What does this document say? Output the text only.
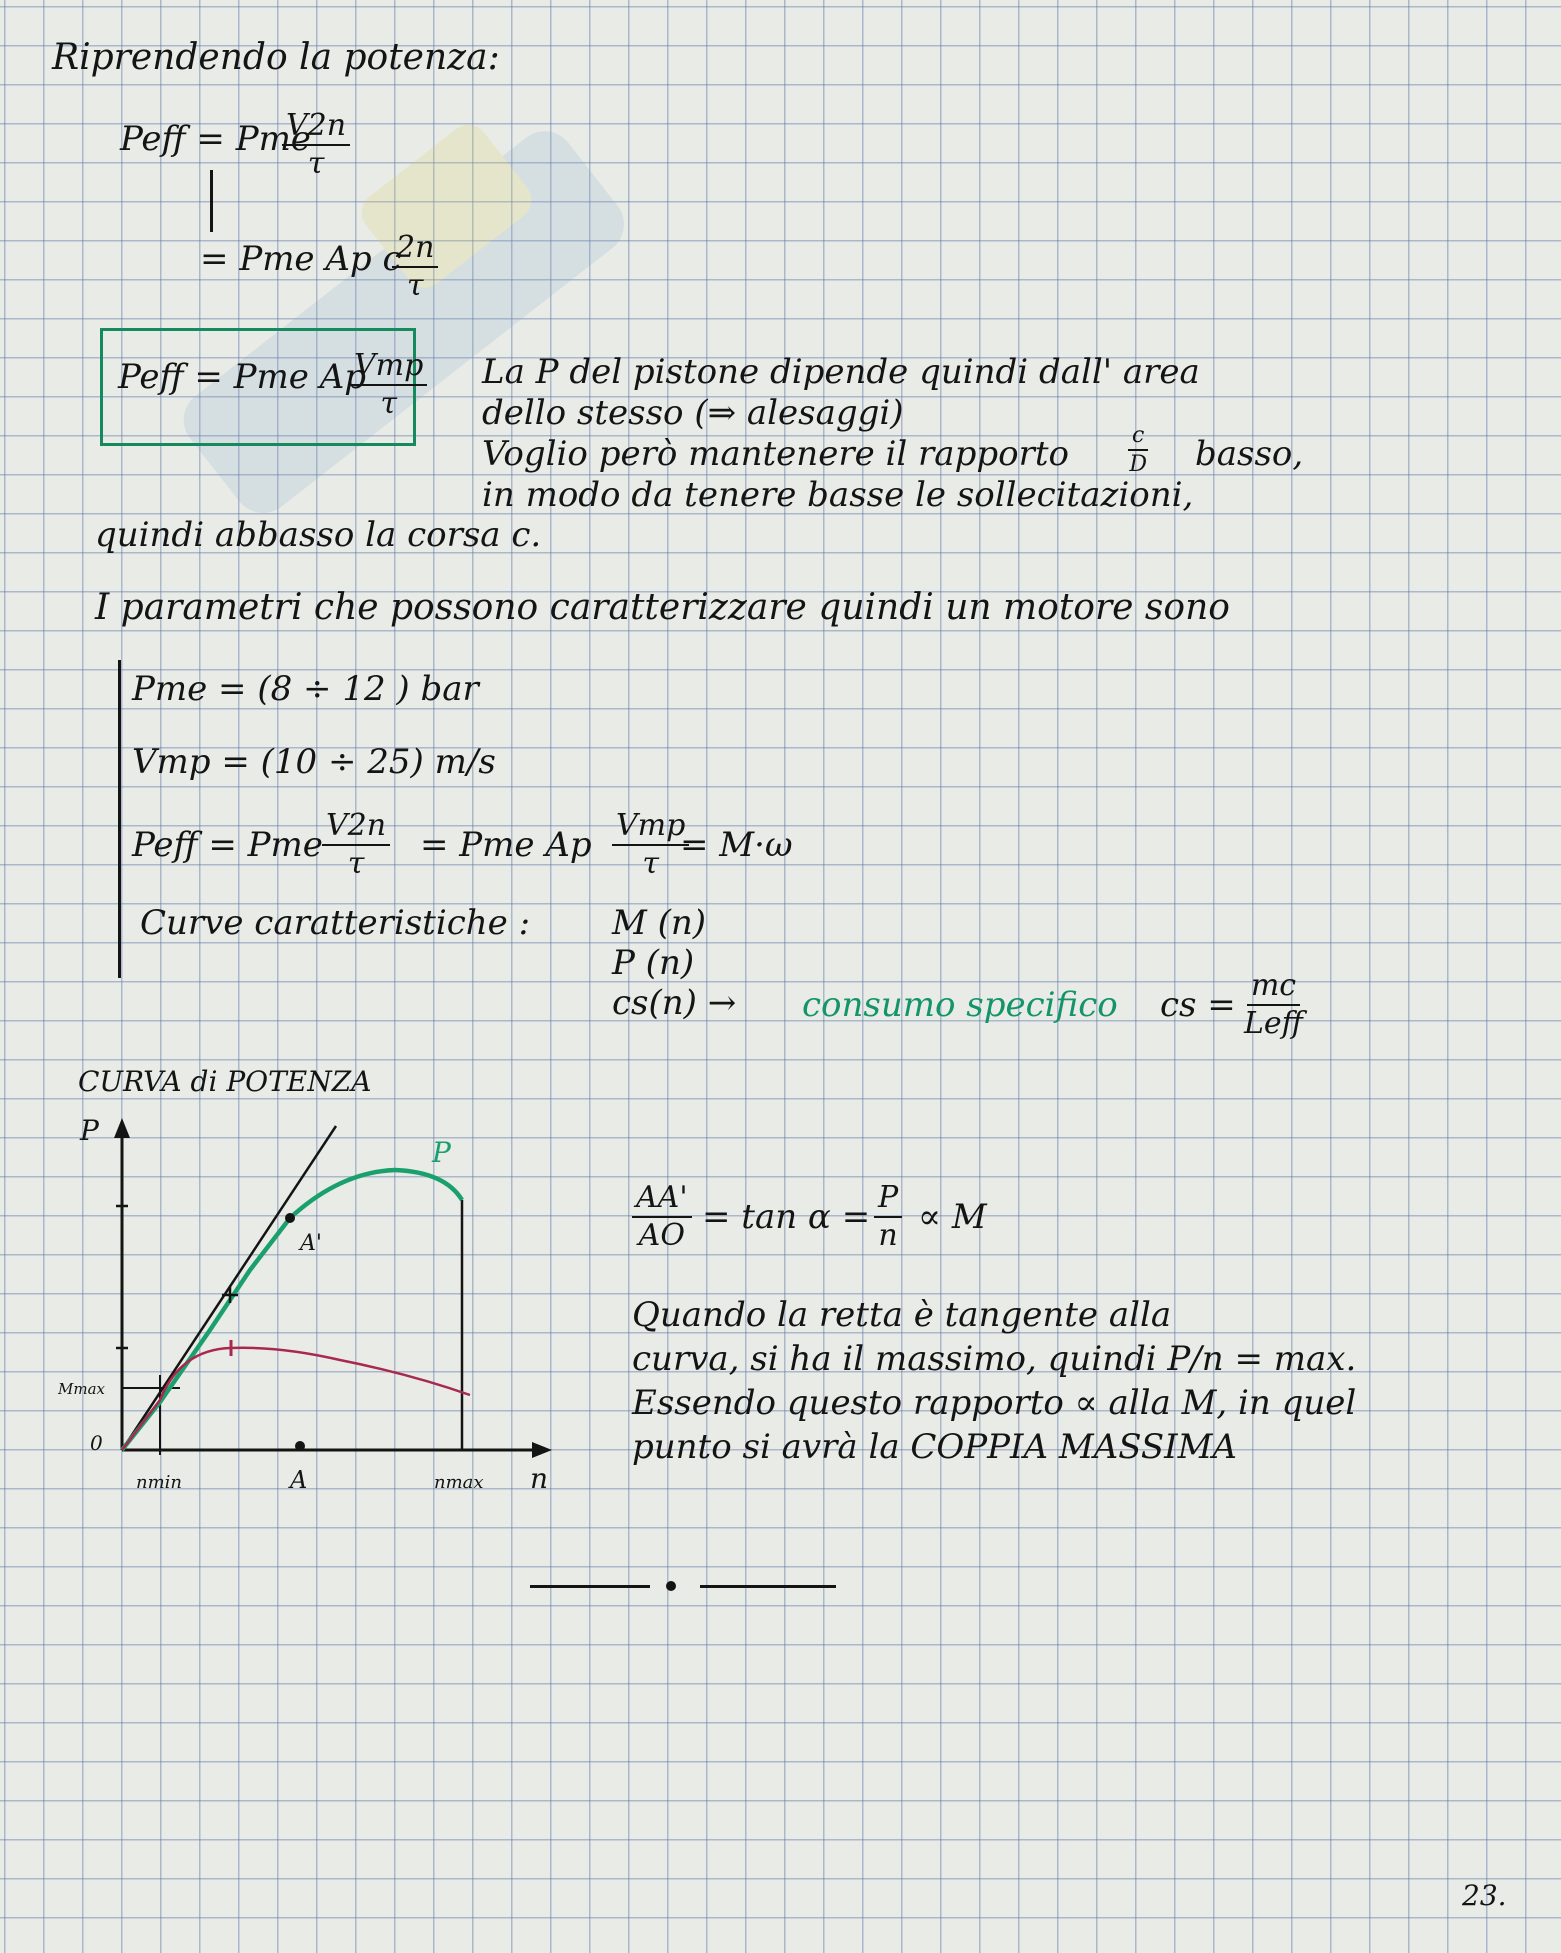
Riprendendo la potenza:
Peff = Pme
$\frac{V2n}{\tau}$
= Pme Ap c
$\frac{2n}{\tau}$
Peff = Pme Ap
Vmp
τ
La P del pistone dipende quindi dall' area
dello stesso (⇒ alesaggi)
Voglio però mantenere il rapporto	$\frac{c}{D}$ basso,
in modo da tenere basse le sollecitazioni,
quindi abbasso la corsa c.
I parametri che possono caratterizzare quindi un motore sono
Pme = (8 ÷ 12 ) bar
Vmp = (10 ÷ 25) m/s
Peff = Pme $\frac{V2n}{\tau}$ = Pme Ap Vmp
τ = M·ω
Curve caratteristiche : M (n)
P (n)
cs(n) → consumo specifico cs = mc
Leff
CURVA di POTENZA
P
P
A'
Mmax
0
nmin	A	nmax n
$\frac{AA'}{AO} = \tan \alpha = \frac{P}{n} \propto M$
Quando la retta è tangente alla
curva, si ha il massimo, quindi P/n = max.
Essendo questo rapporto ∝ alla M, in quel
punto si avrà la COPPIA MASSIMA
23.
